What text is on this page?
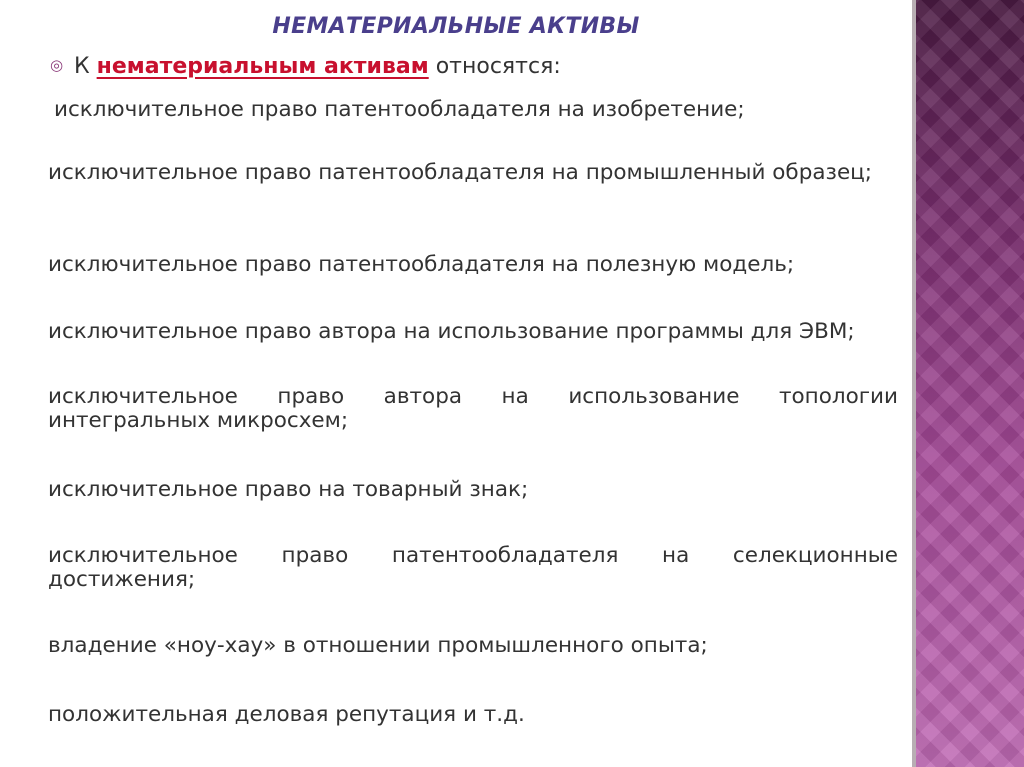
НЕМАТЕРИАЛЬНЫЕ АКТИВЫ
◎ К нематериальным активам относятся:
исключительное право патентообладателя на изобретение;
исключительное право патентообладателя на промышленный образец;
исключительное право патентообладателя на полезную модель;
исключительное право автора на использование программы для ЭВМ;
исключительное право автора на использование топологии интегральных микросхем;
исключительное право на товарный знак;
исключительное право патентообладателя на селекционные достижения;
владение «ноу-хау» в отношении промышленного опыта;
положительная деловая репутация и т.д.
